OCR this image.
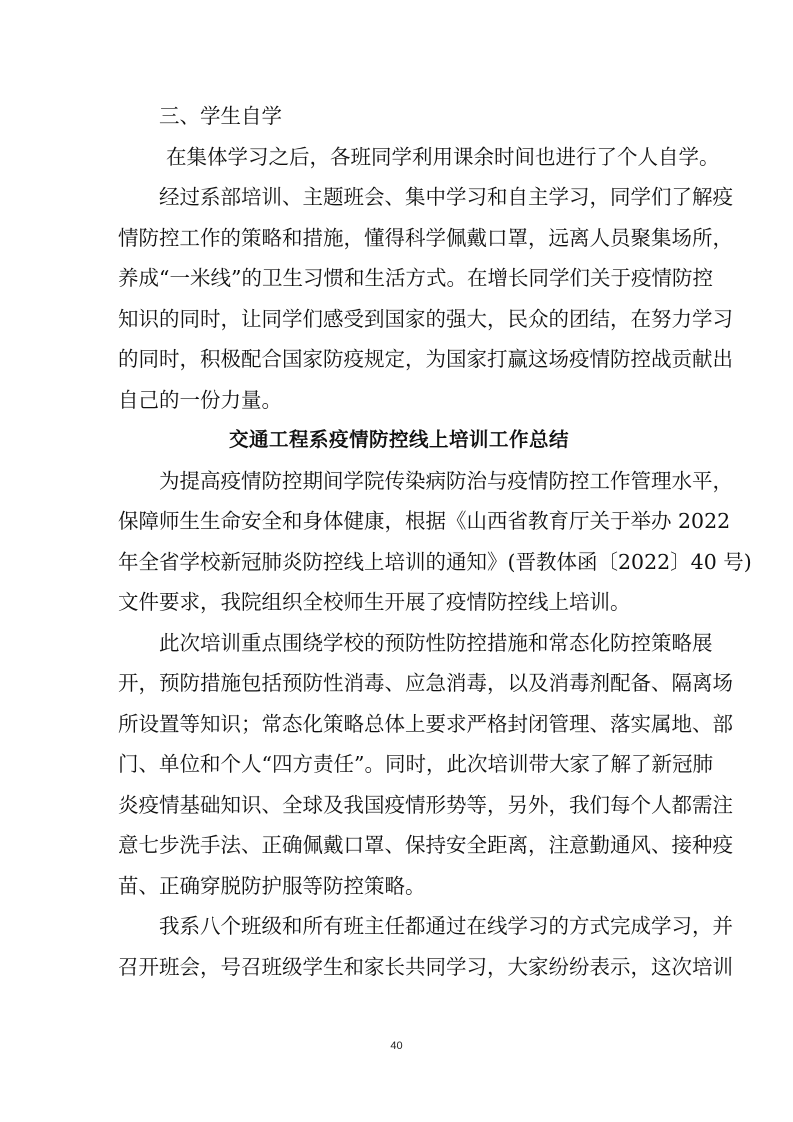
三、学生自学
在集体学习之后，各班同学利用课余时间也进行了个人自学。
经过系部培训、主题班会、集中学习和自主学习，同学们了解疫
情防控工作的策略和措施，懂得科学佩戴口罩，远离人员聚集场所，
养成“一米线”的卫生习惯和生活方式。在增长同学们关于疫情防控
知识的同时，让同学们感受到国家的强大，民众的团结，在努力学习
的同时，积极配合国家防疫规定，为国家打赢这场疫情防控战贡献出
自己的一份力量。
交通工程系疫情防控线上培训工作总结
为提高疫情防控期间学院传染病防治与疫情防控工作管理水平，
保障师生生命安全和身体健康，根据《山西省教育厅关于举办 2022
年全省学校新冠肺炎防控线上培训的通知》(晋教体函〔2022〕40 号)
文件要求，我院组织全校师生开展了疫情防控线上培训。
此次培训重点围绕学校的预防性防控措施和常态化防控策略展
开，预防措施包括预防性消毒、应急消毒，以及消毒剂配备、隔离场
所设置等知识；常态化策略总体上要求严格封闭管理、落实属地、部
门、单位和个人“四方责任”。同时，此次培训带大家了解了新冠肺
炎疫情基础知识、全球及我国疫情形势等，另外，我们每个人都需注
意七步洗手法、正确佩戴口罩、保持安全距离，注意勤通风、接种疫
苗、正确穿脱防护服等防控策略。
我系八个班级和所有班主任都通过在线学习的方式完成学习，并
召开班会，号召班级学生和家长共同学习，大家纷纷表示，这次培训
40
